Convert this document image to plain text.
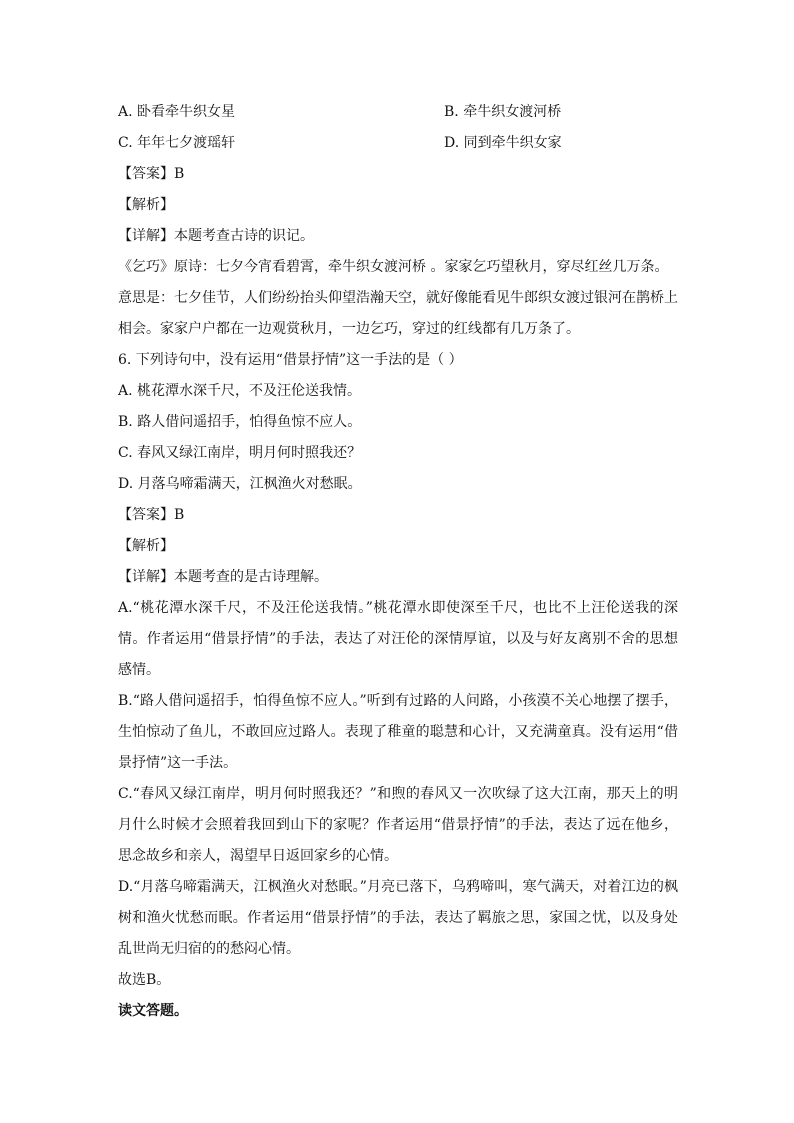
A. 卧看牵牛织女星	B. 牵牛织女渡河桥
C. 年年七夕渡瑶轩	D. 同到牵牛织女家
【答案】B
【解析】
【详解】本题考查古诗的识记。
《乞巧》原诗：七夕今宵看碧霄，牵牛织女渡河桥 。家家乞巧望秋月，穿尽红丝几万条。
意思是：七夕佳节，人们纷纷抬头仰望浩瀚天空，就好像能看见牛郎织女渡过银河在鹊桥上相会。家家户户都在一边观赏秋月，一边乞巧，穿过的红线都有几万条了。
6. 下列诗句中，没有运用“借景抒情”这一手法的是（ ）
A. 桃花潭水深千尺，不及汪伦送我情。
B. 路人借问遥招手，怕得鱼惊不应人。
C. 春风又绿江南岸，明月何时照我还？
D. 月落乌啼霜满天，江枫渔火对愁眠。
【答案】B
【解析】
【详解】本题考查的是古诗理解。
A.“桃花潭水深千尺，不及汪伦送我情。”桃花潭水即使深至千尺，也比不上汪伦送我的深情。作者运用“借景抒情”的手法，表达了对汪伦的深情厚谊，以及与好友离别不舍的思想感情。
B.“路人借问遥招手，怕得鱼惊不应人。”听到有过路的人问路，小孩漠不关心地摆了摆手，生怕惊动了鱼儿，不敢回应过路人。表现了稚童的聪慧和心计，又充满童真。没有运用“借景抒情”这一手法。
C.“春风又绿江南岸，明月何时照我还？”和煦的春风又一次吹绿了这大江南，那天上的明月什么时候才会照着我回到山下的家呢？作者运用“借景抒情”的手法，表达了远在他乡，思念故乡和亲人，渴望早日返回家乡的心情。
D.“月落乌啼霜满天，江枫渔火对愁眠。”月亮已落下，乌鸦啼叫，寒气满天，对着江边的枫树和渔火忧愁而眠。作者运用“借景抒情”的手法，表达了羁旅之思，家国之忧，以及身处乱世尚无归宿的的愁闷心情。
故选B。
读文答题。
